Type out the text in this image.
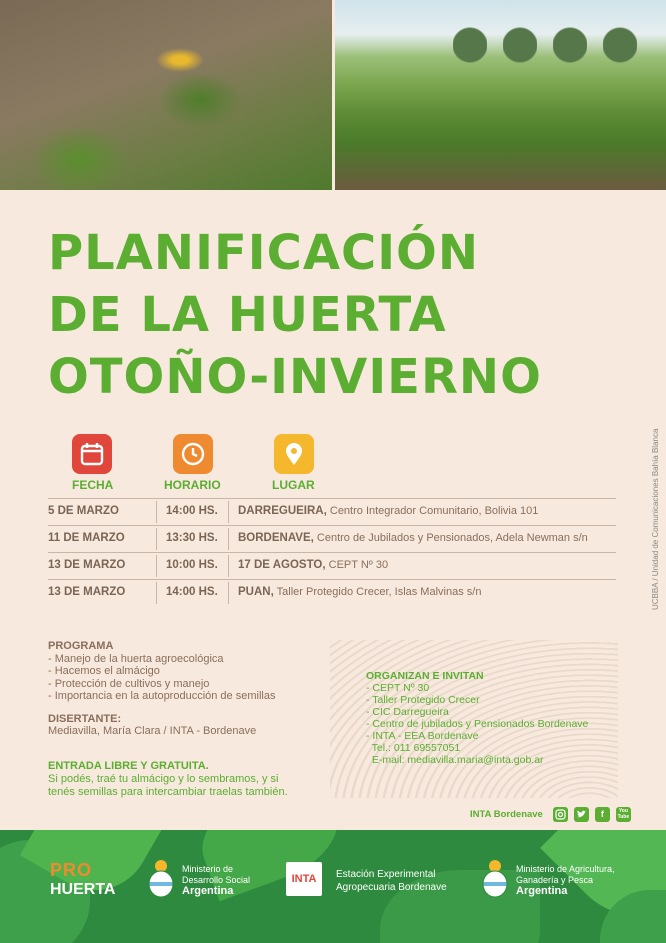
PLANIFICACIÓN
DE LA HUERTA
OTOÑO-INVIERNO
UCBBA / Unidad de Comunicaciones Bahía Blanca
FECHA	HORARIO	LUGAR
5 DE MARZO	14:00 HS. DARREGUEIRA, Centro Integrador Comunitario, Bolivia 101
11 DE MARZO	13:30 HS. BORDENAVE, Centro de Jubilados y Pensionados, Adela Newman s/n
13 DE MARZO	10:00 HS. 17 DE AGOSTO, CEPT Nº 30
13 DE MARZO	14:00 HS. PUAN, Taller Protegido Crecer, Islas Malvinas s/n
PROGRAMA
- Manejo de la huerta agroecológica
- Hacemos el almácigo
- Protección de cultivos y manejo
- Importancia en la autoproducción de semillas
DISERTANTE:
Mediavilla, María Clara / INTA - Bordenave
ENTRADA LIBRE Y GRATUITA.
Si podés, traé tu almácigo y lo sembramos, y si
tenés semillas para intercambiar traelas también.
ORGANIZAN E INVITAN
- CEPT Nº 30
- Taller Protegido Crecer
- CIC Darregueira
- Centro de jubilados y Pensionados Bordenave
- INTA - EEA Bordenave
Tel.: 011 69557051
E-mail: mediavilla.maria@inta.gob.ar
INTA Bordenave	f	You Tube
PRO
HUERTA
Ministerio de
Desarrollo Social
Argentina
INTA Estación Experimental
Agropecuaria Bordenave
Ministerio de Agricultura,
Ganadería y Pesca
Argentina
